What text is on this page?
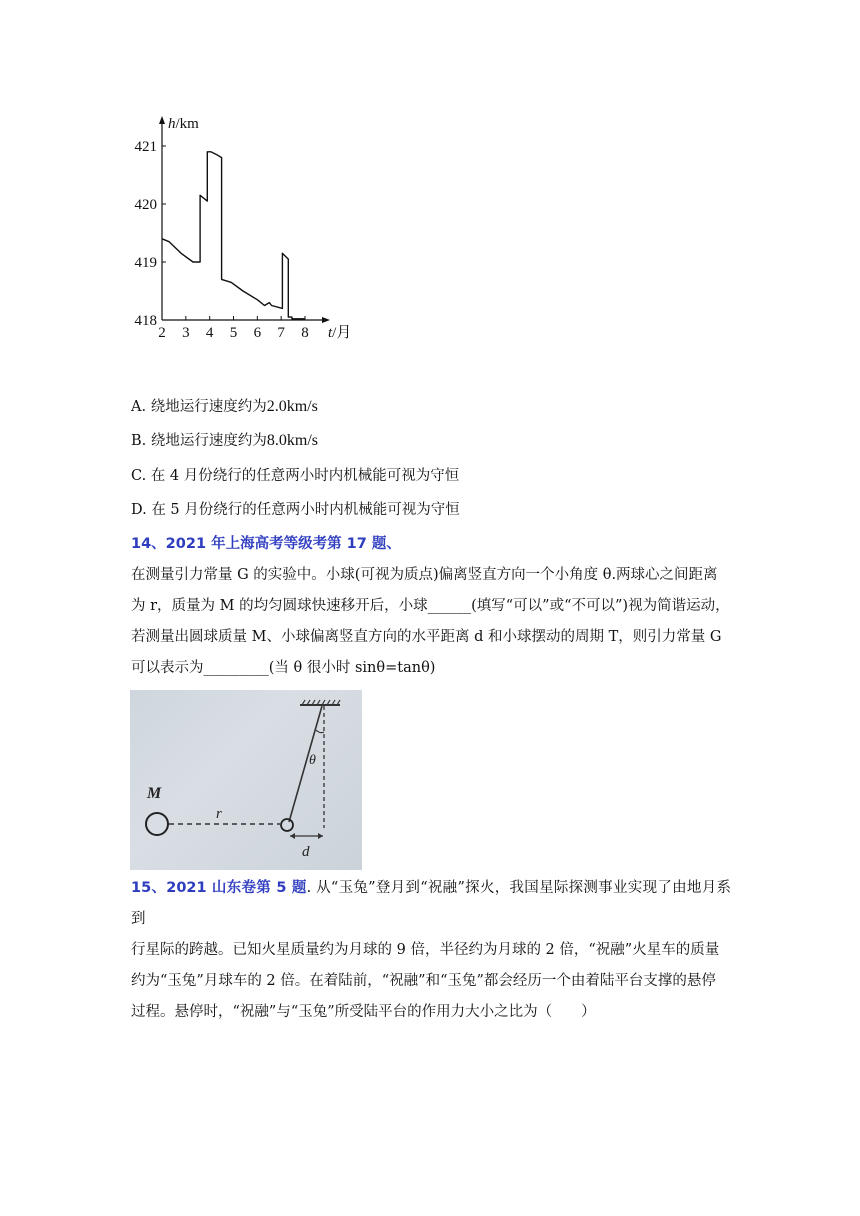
418
419
420
421
2 3 4 5 6 7 8
h/km
t/月
A. 绕地运行速度约为2.0km/s
B. 绕地运行速度约为8.0km/s
C. 在 4 月份绕行的任意两小时内机械能可视为守恒
D. 在 5 月份绕行的任意两小时内机械能可视为守恒
14、2021 年上海高考等级考第 17 题、
在测量引力常量 G 的实验中。小球(可视为质点)偏离竖直方向一个小角度 θ.两球心之间距离
为 r，质量为 M 的均匀圆球快速移开后，小球______(填写“可以”或“不可以”)视为简谐运动，
若测量出圆球质量 M、小球偏离竖直方向的水平距离 d 和小球摆动的周期 T，则引力常量 G
可以表示为_________(当 θ 很小时 sinθ=tanθ)
θ
M
r
d
15、2021 山东卷第 5 题. 从“玉兔”登月到“祝融”探火，我国星际探测事业实现了由地月系到
行星际的跨越。已知火星质量约为月球的 9 倍，半径约为月球的 2 倍，“祝融”火星车的质量
约为“玉兔”月球车的 2 倍。在着陆前，“祝融”和“玉兔”都会经历一个由着陆平台支撑的悬停
过程。悬停时，“祝融”与“玉兔”所受陆平台的作用力大小之比为（　　）
